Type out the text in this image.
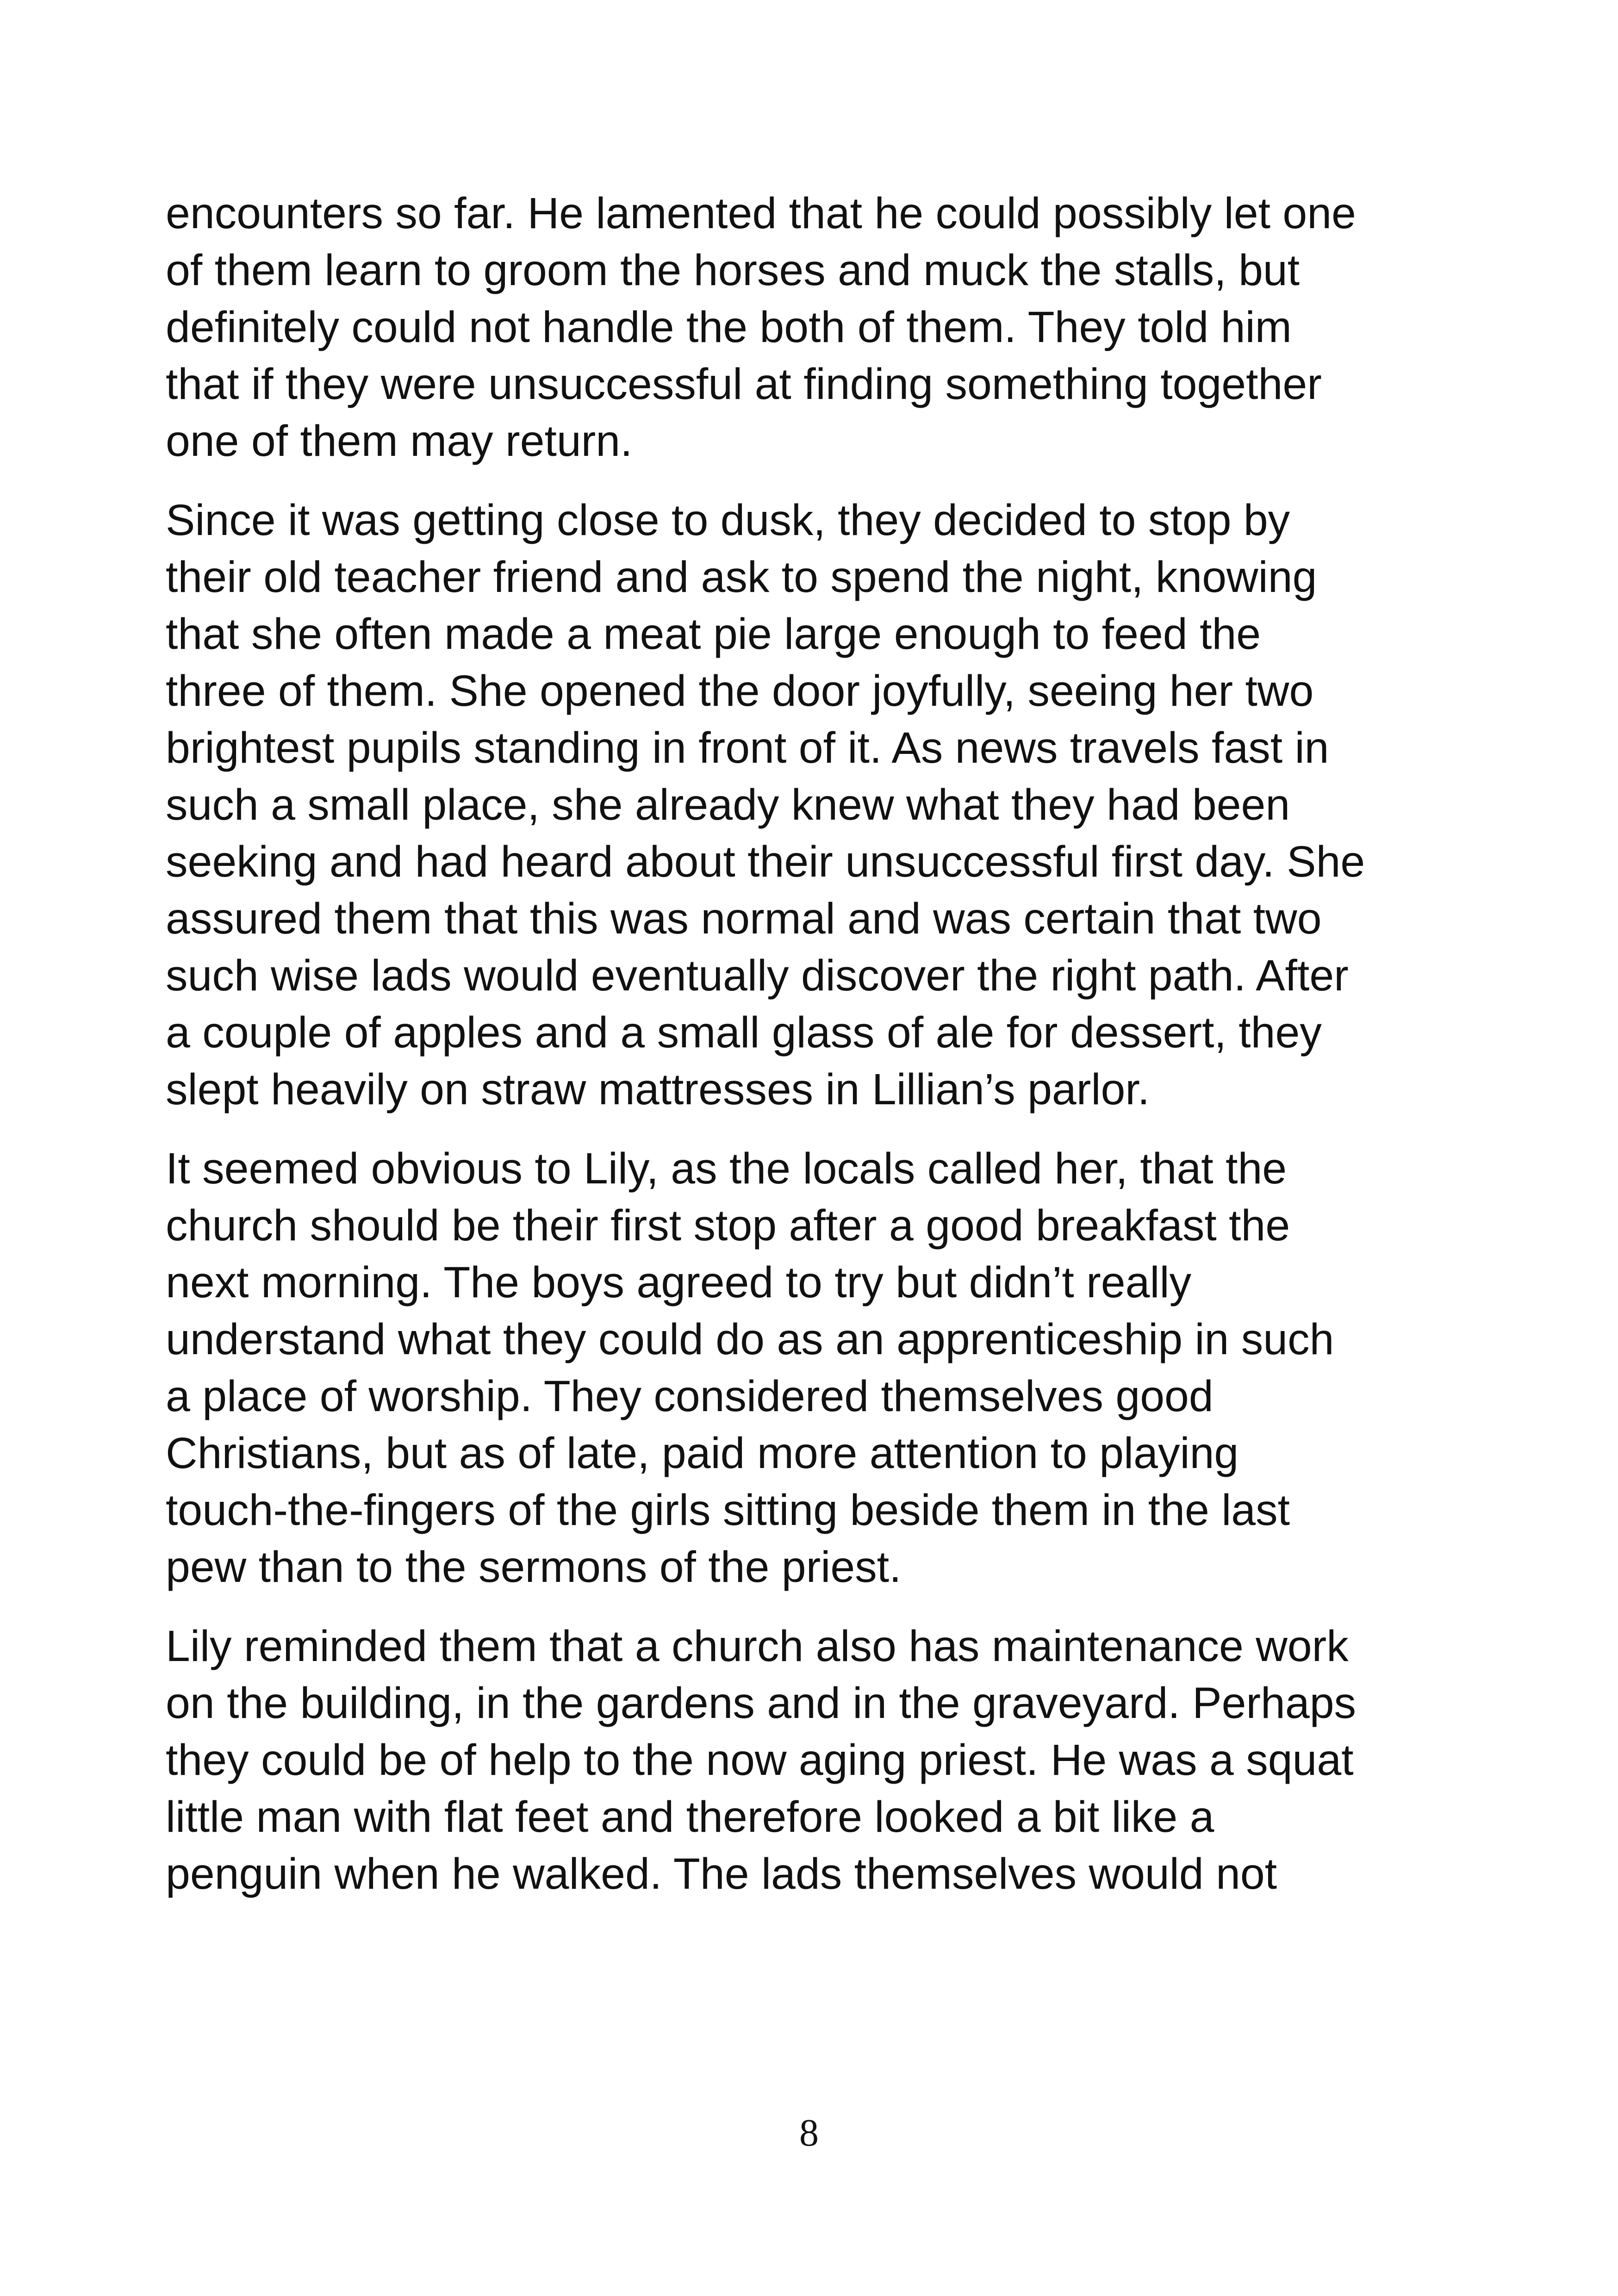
encounters so far. He lamented that he could possibly let one
of them learn to groom the horses and muck the stalls, but
definitely could not handle the both of them. They told him
that if they were unsuccessful at finding something together
one of them may return.

Since it was getting close to dusk, they decided to stop by
their old teacher friend and ask to spend the night, knowing
that she often made a meat pie large enough to feed the
three of them. She opened the door joyfully, seeing her two
brightest pupils standing in front of it. As news travels fast in
such a small place, she already knew what they had been
seeking and had heard about their unsuccessful first day. She
assured them that this was normal and was certain that two
such wise lads would eventually discover the right path. After
a couple of apples and a small glass of ale for dessert, they
slept heavily on straw mattresses in Lillian’s parlor.

It seemed obvious to Lily, as the locals called her, that the
church should be their first stop after a good breakfast the
next morning. The boys agreed to try but didn’t really
understand what they could do as an apprenticeship in such
a place of worship. They considered themselves good
Christians, but as of late, paid more attention to playing
touch-the-fingers of the girls sitting beside them in the last
pew than to the sermons of the priest.

Lily reminded them that a church also has maintenance work
on the building, in the gardens and in the graveyard. Perhaps
they could be of help to the now aging priest. He was a squat
little man with flat feet and therefore looked a bit like a
penguin when he walked. The lads themselves would not

8
